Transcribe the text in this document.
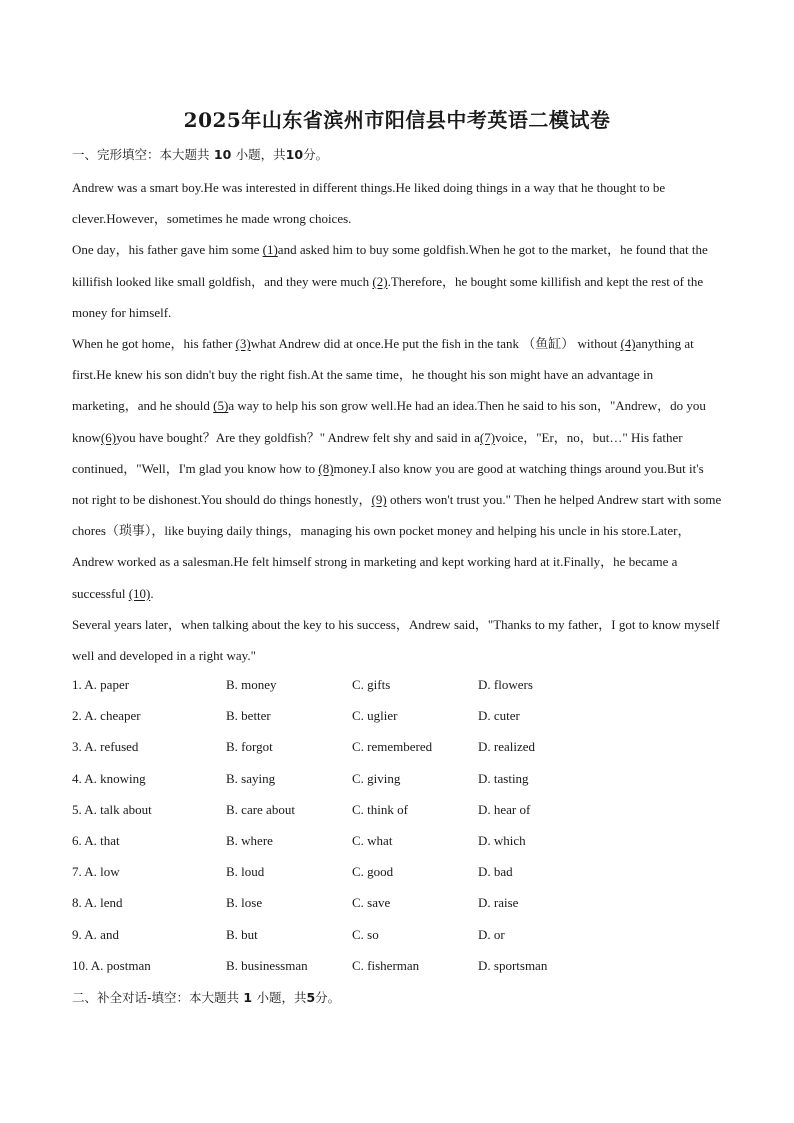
2025年山东省滨州市阳信县中考英语二模试卷
一、完形填空：本大题共 10 小题，共10分。

Andrew was a smart boy.He was interested in different things.He liked doing things in a way that he thought to be clever.However，sometimes he made wrong choices.

One day，his father gave him some (1)and asked him to buy some goldfish.When he got to the market，he found that the killifish looked like small goldfish，and they were much (2).Therefore，he bought some killifish and kept the rest of the money for himself.

When he got home，his father (3)what Andrew did at once.He put the fish in the tank （鱼缸） without (4)anything at first.He knew his son didn't buy the right fish.At the same time，he thought his son might have an advantage in marketing，and he should (5)a way to help his son grow well.He had an idea.Then he said to his son，"Andrew，do you know(6)you have bought？Are they goldfish？" Andrew felt shy and said in a(7)voice，"Er，no，but…" His father continued，"Well，I'm glad you know how to (8)money.I also know you are good at watching things around you.But it's not right to be dishonest.You should do things honestly，(9) others won't trust you." Then he helped Andrew start with some chores（琐事），like buying daily things，managing his own pocket money and helping his uncle in his store.Later，Andrew worked as a salesman.He felt himself strong in marketing and kept working hard at it.Finally，he became a successful (10).

Several years later，when talking about the key to his success，Andrew said，"Thanks to my father，I got to know myself well and developed in a right way."

1. A. paper	B. money	C. gifts	D. flowers
2. A. cheaper	B. better	C. uglier	D. cuter
3. A. refused	B. forgot	C. remembered	D. realized
4. A. knowing	B. saying	C. giving	D. tasting
5. A. talk about	B. care about	C. think of	D. hear of
6. A. that	B. where	C. what	D. which
7. A. low	B. loud	C. good	D. bad
8. A. lend	B. lose	C. save	D. raise
9. A. and	B. but	C. so	D. or
10. A. postman	B. businessman	C. fisherman	D. sportsman
二、补全对话-填空：本大题共 1 小题，共5分。
